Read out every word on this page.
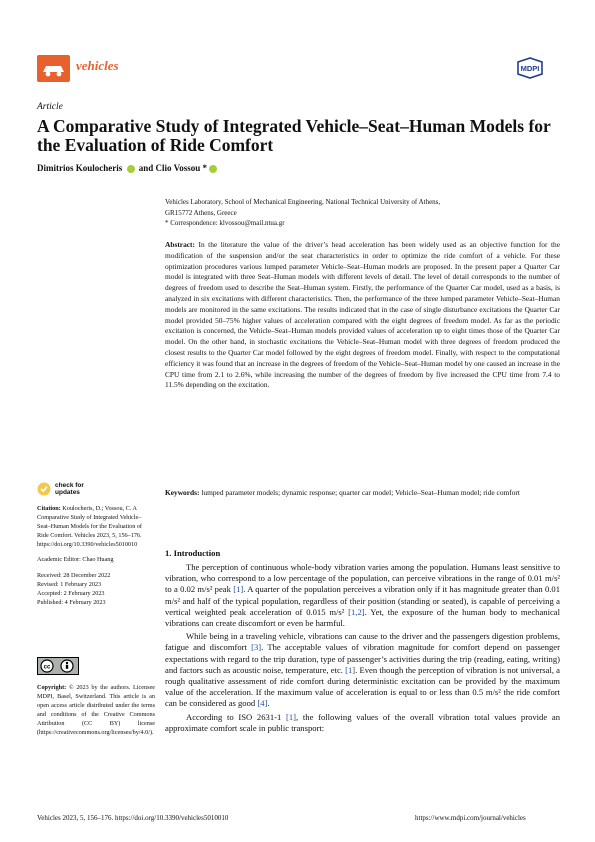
vehicles	MDPI
Article
A Comparative Study of Integrated Vehicle–Seat–Human Models for the Evaluation of Ride Comfort
Dimitrios Koulocheris and Clio Vossou *
Vehicles Laboratory, School of Mechanical Engineering, National Technical University of Athens,
GR15772 Athens, Greece
* Correspondence: klvossou@mail.ntua.gr
Abstract: In the literature the value of the driver’s head acceleration has been widely used as an objective function for the modification of the suspension and/or the seat characteristics in order to optimize the ride comfort of a vehicle. For these optimization procedures various lumped parameter Vehicle–Seat–Human models are proposed. In the present paper a Quarter Car model is integrated with three Seat–Human models with different levels of detail. The level of detail corresponds to the number of degrees of freedom used to describe the Seat–Human system. Firstly, the performance of the Quarter Car model, used as a basis, is analyzed in six excitations with different characteristics. Then, the performance of the three lumped parameter Vehicle–Seat–Human models are monitored in the same excitations. The results indicated that in the case of single disturbance excitations the Quarter Car model provided 50–75% higher values of acceleration compared with the eight degrees of freedom model. As far as the periodic excitation is concerned, the Vehicle–Seat–Human models provided values of acceleration up to eight times those of the Quarter Car model. On the other hand, in stochastic excitations the Vehicle–Seat–Human model with three degrees of freedom produced the closest results to the Quarter Car model followed by the eight degrees of freedom model. Finally, with respect to the computational efficiency it was found that an increase in the degrees of freedom of the Vehicle–Seat–Human model by one caused an increase in the CPU time from 2.1 to 2.6%, while increasing the number of the degrees of freedom by five increased the CPU time from 7.4 to 11.5% depending on the excitation.
Keywords: lumped parameter models; dynamic response; quarter car model; Vehicle–Seat–Human model; ride comfort
1. Introduction

The perception of continuous whole-body vibration varies among the population. Humans least sensitive to vibration, who correspond to a low percentage of the population, can perceive vibrations in the range of 0.01 m/s² to a 0.02 m/s² peak [1]. A quarter of the population perceives a vibration only if it has magnitude greater than 0.01 m/s² and half of the typical population, regardless of their position (standing or seated), is capable of perceiving a vertical weighted peak acceleration of 0.015 m/s² [1,2]. Yet, the exposure of the human body to mechanical vibrations can create discomfort or even be harmful.

While being in a traveling vehicle, vibrations can cause to the driver and the passengers digestion problems, fatigue and discomfort [3]. The acceptable values of vibration magnitude for comfort depend on passenger expectations with regard to the trip duration, type of passenger’s activities during the trip (reading, eating, writing) and factors such as acoustic noise, temperature, etc. [1]. Even though the perception of vibration is not universal, a rough qualitative assessment of ride comfort during deterministic excitation can be provided by the maximum value of the acceleration. If the maximum value of acceleration is equal to or less than 0.5 m/s² the ride comfort can be considered as good [4].

According to ISO 2631-1 [1], the following values of the overall vibration total values provide an approximate comfort scale in public transport:

check for updates
Citation: Koulocheris, D.; Vossou, C. A Comparative Study of Integrated Vehicle–Seat–Human Models for the Evaluation of Ride Comfort. Vehicles 2023, 5, 156–176. https://doi.org/10.3390/vehicles5010010
Academic Editor: Chao Huang
Received: 28 December 2022
Revised: 1 February 2023
Accepted: 2 February 2023
Published: 4 February 2023
cc
Copyright: © 2023 by the authors. Licensee MDPI, Basel, Switzerland. This article is an open access article distributed under the terms and conditions of the Creative Commons Attribution (CC BY) license (https://creativecommons.org/licenses/by/4.0/).
Vehicles 2023, 5, 156–176. https://doi.org/10.3390/vehicles5010010	https://www.mdpi.com/journal/vehicles
